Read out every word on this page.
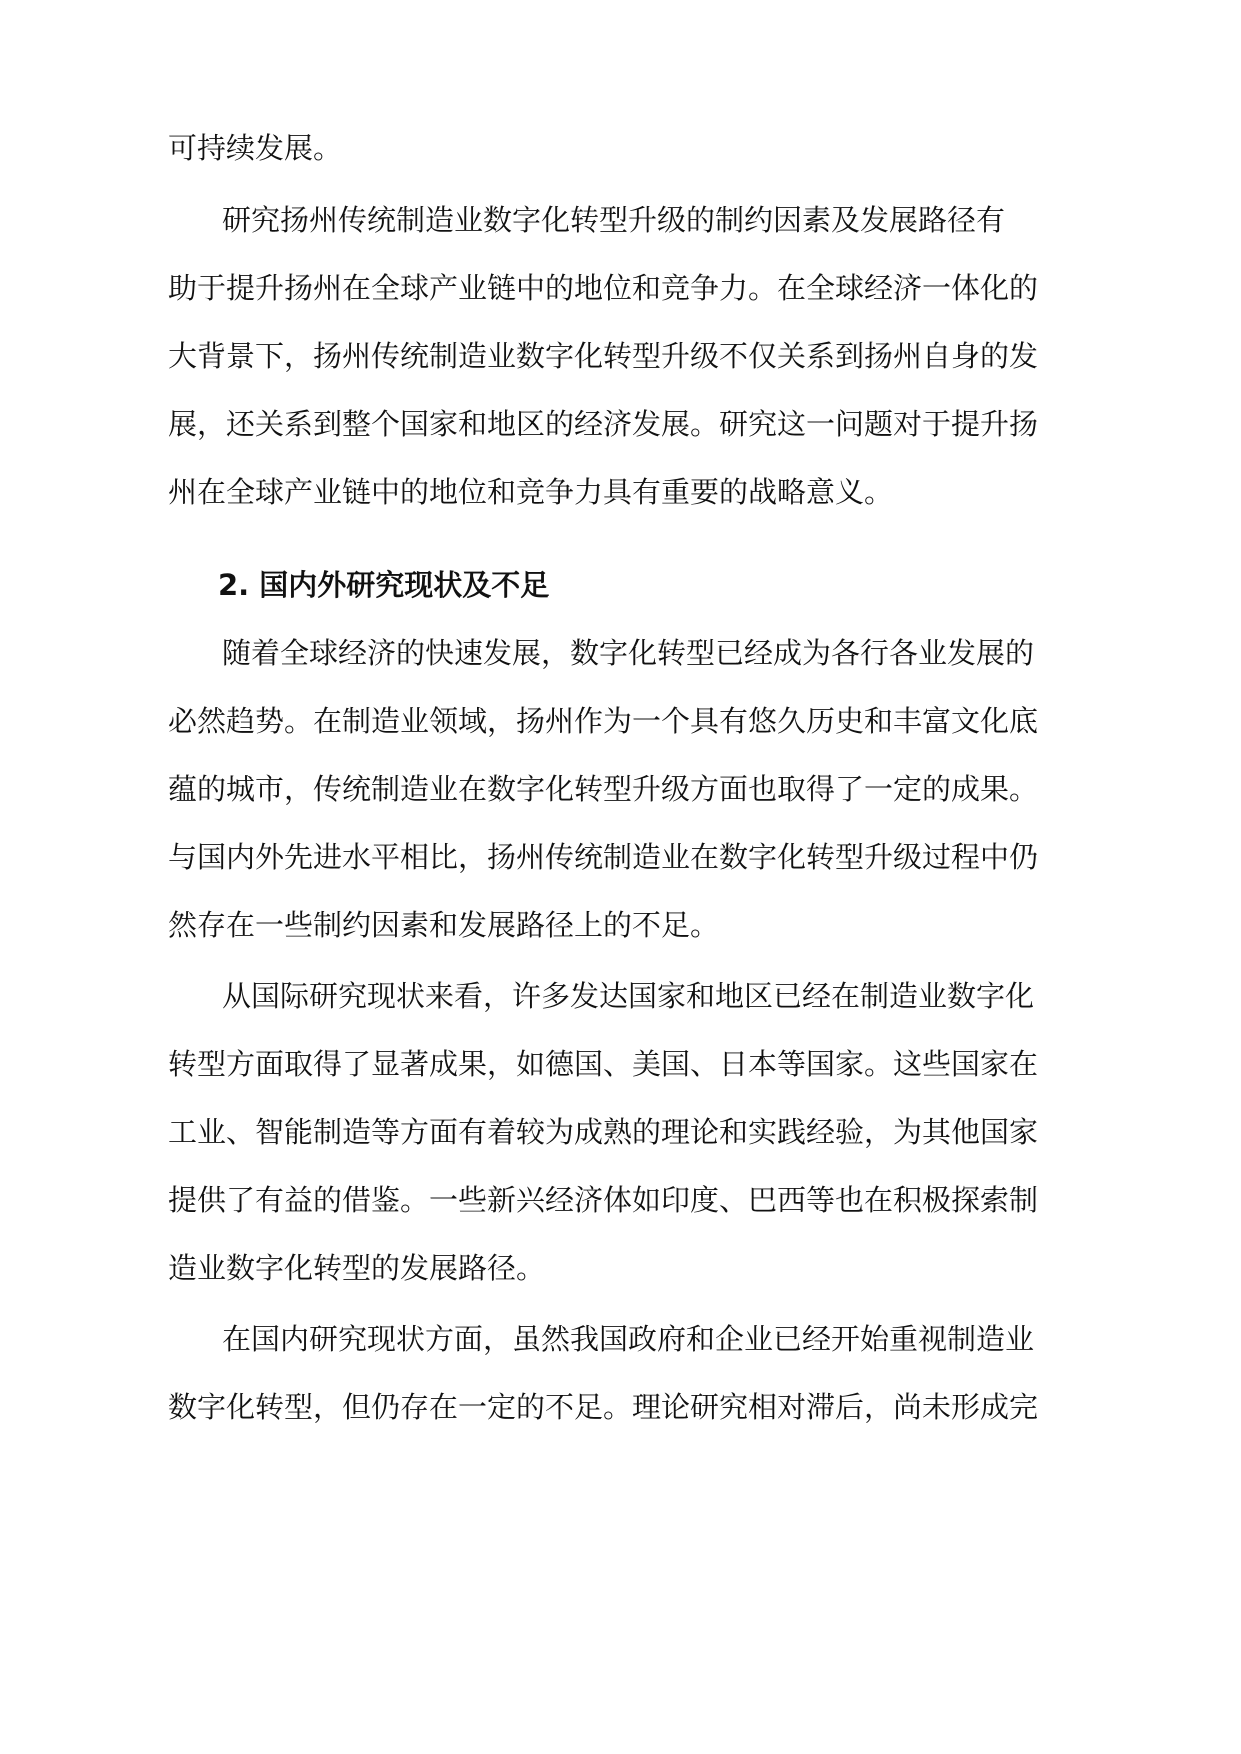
可持续发展。
研究扬州传统制造业数字化转型升级的制约因素及发展路径有
助于提升扬州在全球产业链中的地位和竞争力。在全球经济一体化的
大背景下，扬州传统制造业数字化转型升级不仅关系到扬州自身的发
展，还关系到整个国家和地区的经济发展。研究这一问题对于提升扬
州在全球产业链中的地位和竞争力具有重要的战略意义。
2. 国内外研究现状及不足
随着全球经济的快速发展，数字化转型已经成为各行各业发展的
必然趋势。在制造业领域，扬州作为一个具有悠久历史和丰富文化底
蕴的城市，传统制造业在数字化转型升级方面也取得了一定的成果。
与国内外先进水平相比，扬州传统制造业在数字化转型升级过程中仍
然存在一些制约因素和发展路径上的不足。
从国际研究现状来看，许多发达国家和地区已经在制造业数字化
转型方面取得了显著成果，如德国、美国、日本等国家。这些国家在
工业、智能制造等方面有着较为成熟的理论和实践经验，为其他国家
提供了有益的借鉴。一些新兴经济体如印度、巴西等也在积极探索制
造业数字化转型的发展路径。
在国内研究现状方面，虽然我国政府和企业已经开始重视制造业
数字化转型，但仍存在一定的不足。理论研究相对滞后，尚未形成完
